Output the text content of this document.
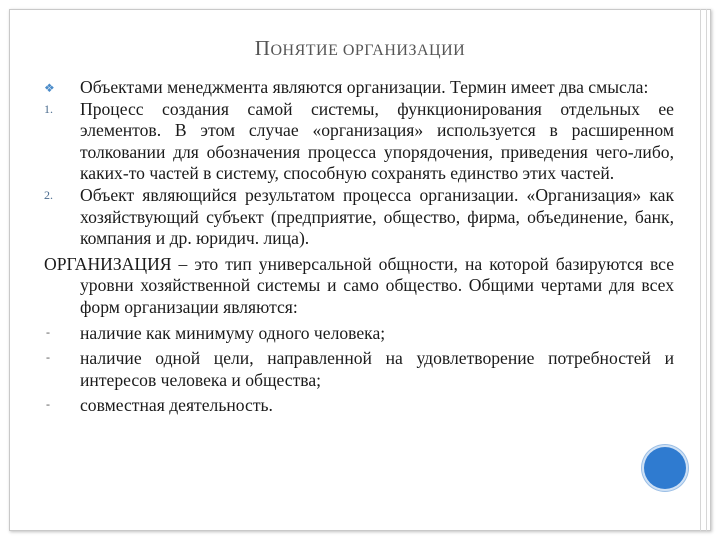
ПОНЯТИЕ ОРГАНИЗАЦИИ
❖ Объектами менеджмента являются организации. Термин имеет два смысла:
1. Процесс создания самой системы, функционирования отдельных ее элементов. В этом случае «организация» используется в расширенном толковании для обозначения процесса упорядочения, приведения чего-либо, каких-то частей в систему, способную сохранять единство этих частей.
2. Объект являющийся результатом процесса организации. «Организация» как хозяйствующий субъект (предприятие, общество, фирма, объединение, банк, компания и др. юридич. лица).
ОРГАНИЗАЦИЯ – это тип универсальной общности, на которой базируются все уровни хозяйственной системы и само общество. Общими чертами для всех форм организации являются:
- наличие как минимуму одного человека;
- наличие одной цели, направленной на удовлетворение потребностей и интересов человека и общества;
- совместная деятельность.
